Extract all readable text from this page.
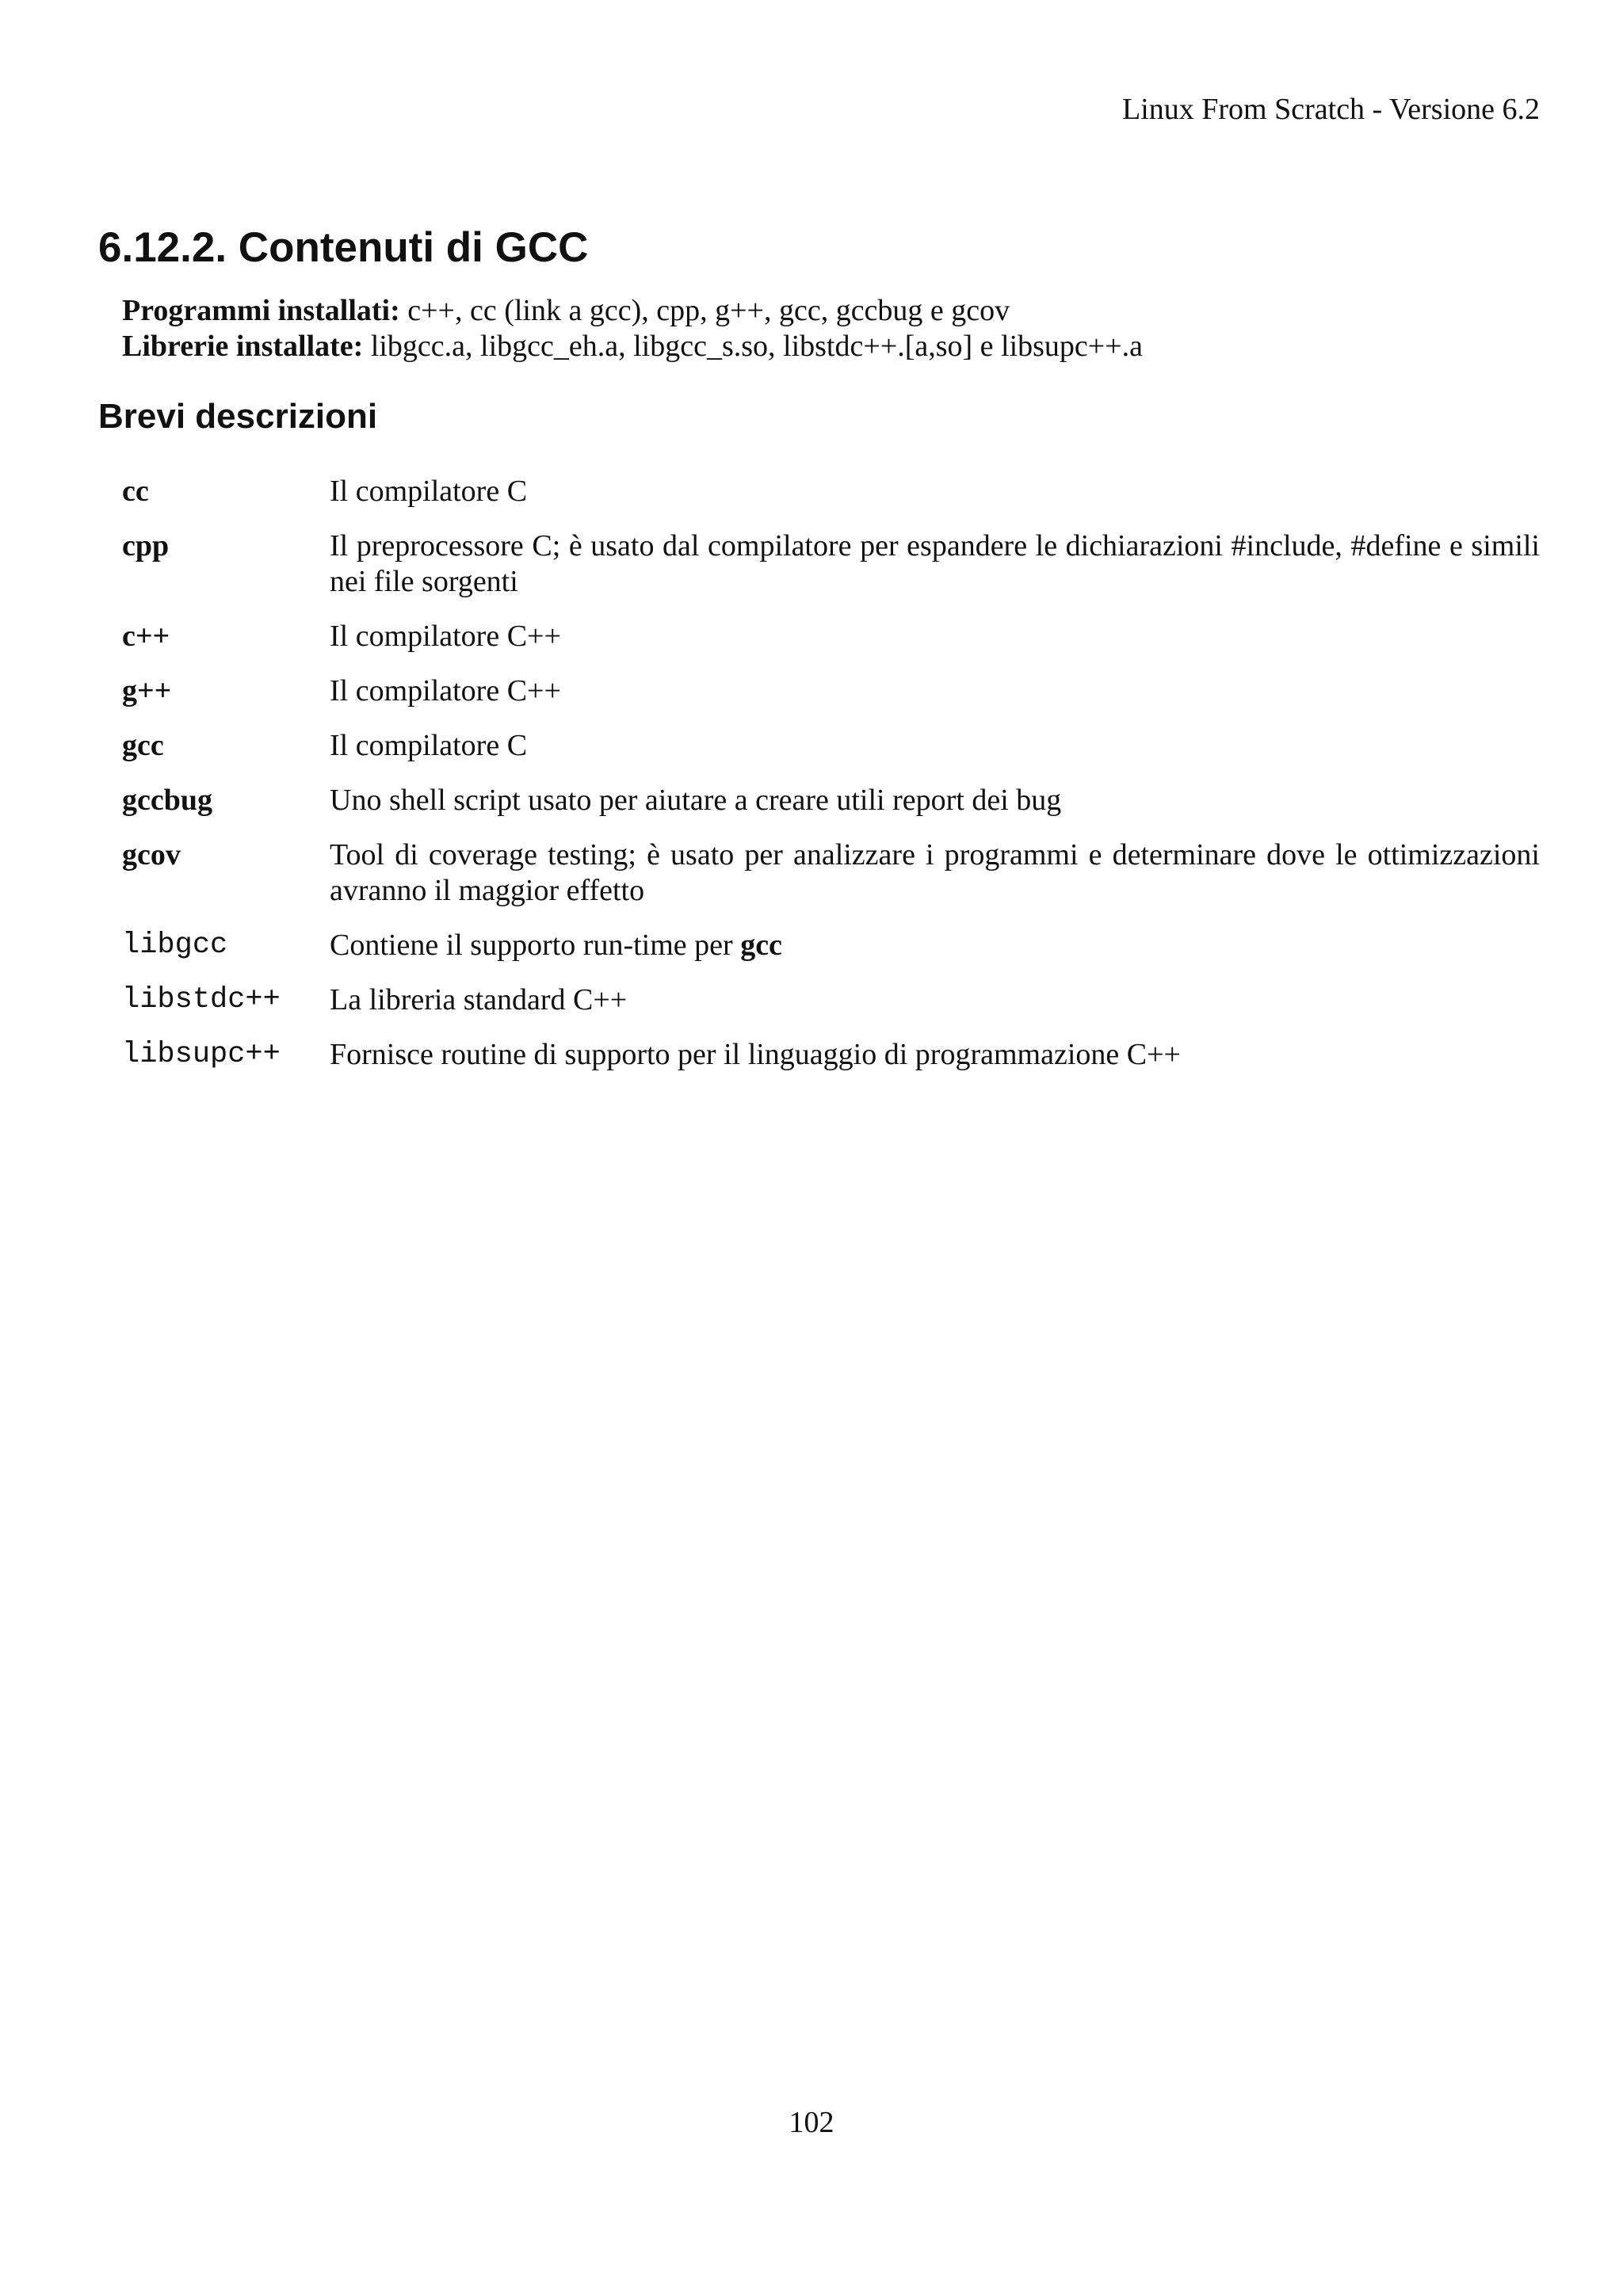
Linux From Scratch - Versione 6.2
6.12.2. Contenuti di GCC
Programmi installati: c++, cc (link a gcc), cpp, g++, gcc, gccbug e gcov
Librerie installate: libgcc.a, libgcc_eh.a, libgcc_s.so, libstdc++.[a,so] e libsupc++.a
Brevi descrizioni
cc	Il compilatore C
cpp	Il preprocessore C; è usato dal compilatore per espandere le dichiarazioni #include, #define e simili nei file sorgenti
c++	Il compilatore C++
g++	Il compilatore C++
gcc	Il compilatore C
gccbug	Uno shell script usato per aiutare a creare utili report dei bug
gcov	Tool di coverage testing; è usato per analizzare i programmi e determinare dove le ottimizzazioni avranno il maggior effetto
libgcc	Contiene il supporto run-time per gcc
libstdc++	La libreria standard C++
libsupc++	Fornisce routine di supporto per il linguaggio di programmazione C++
102
